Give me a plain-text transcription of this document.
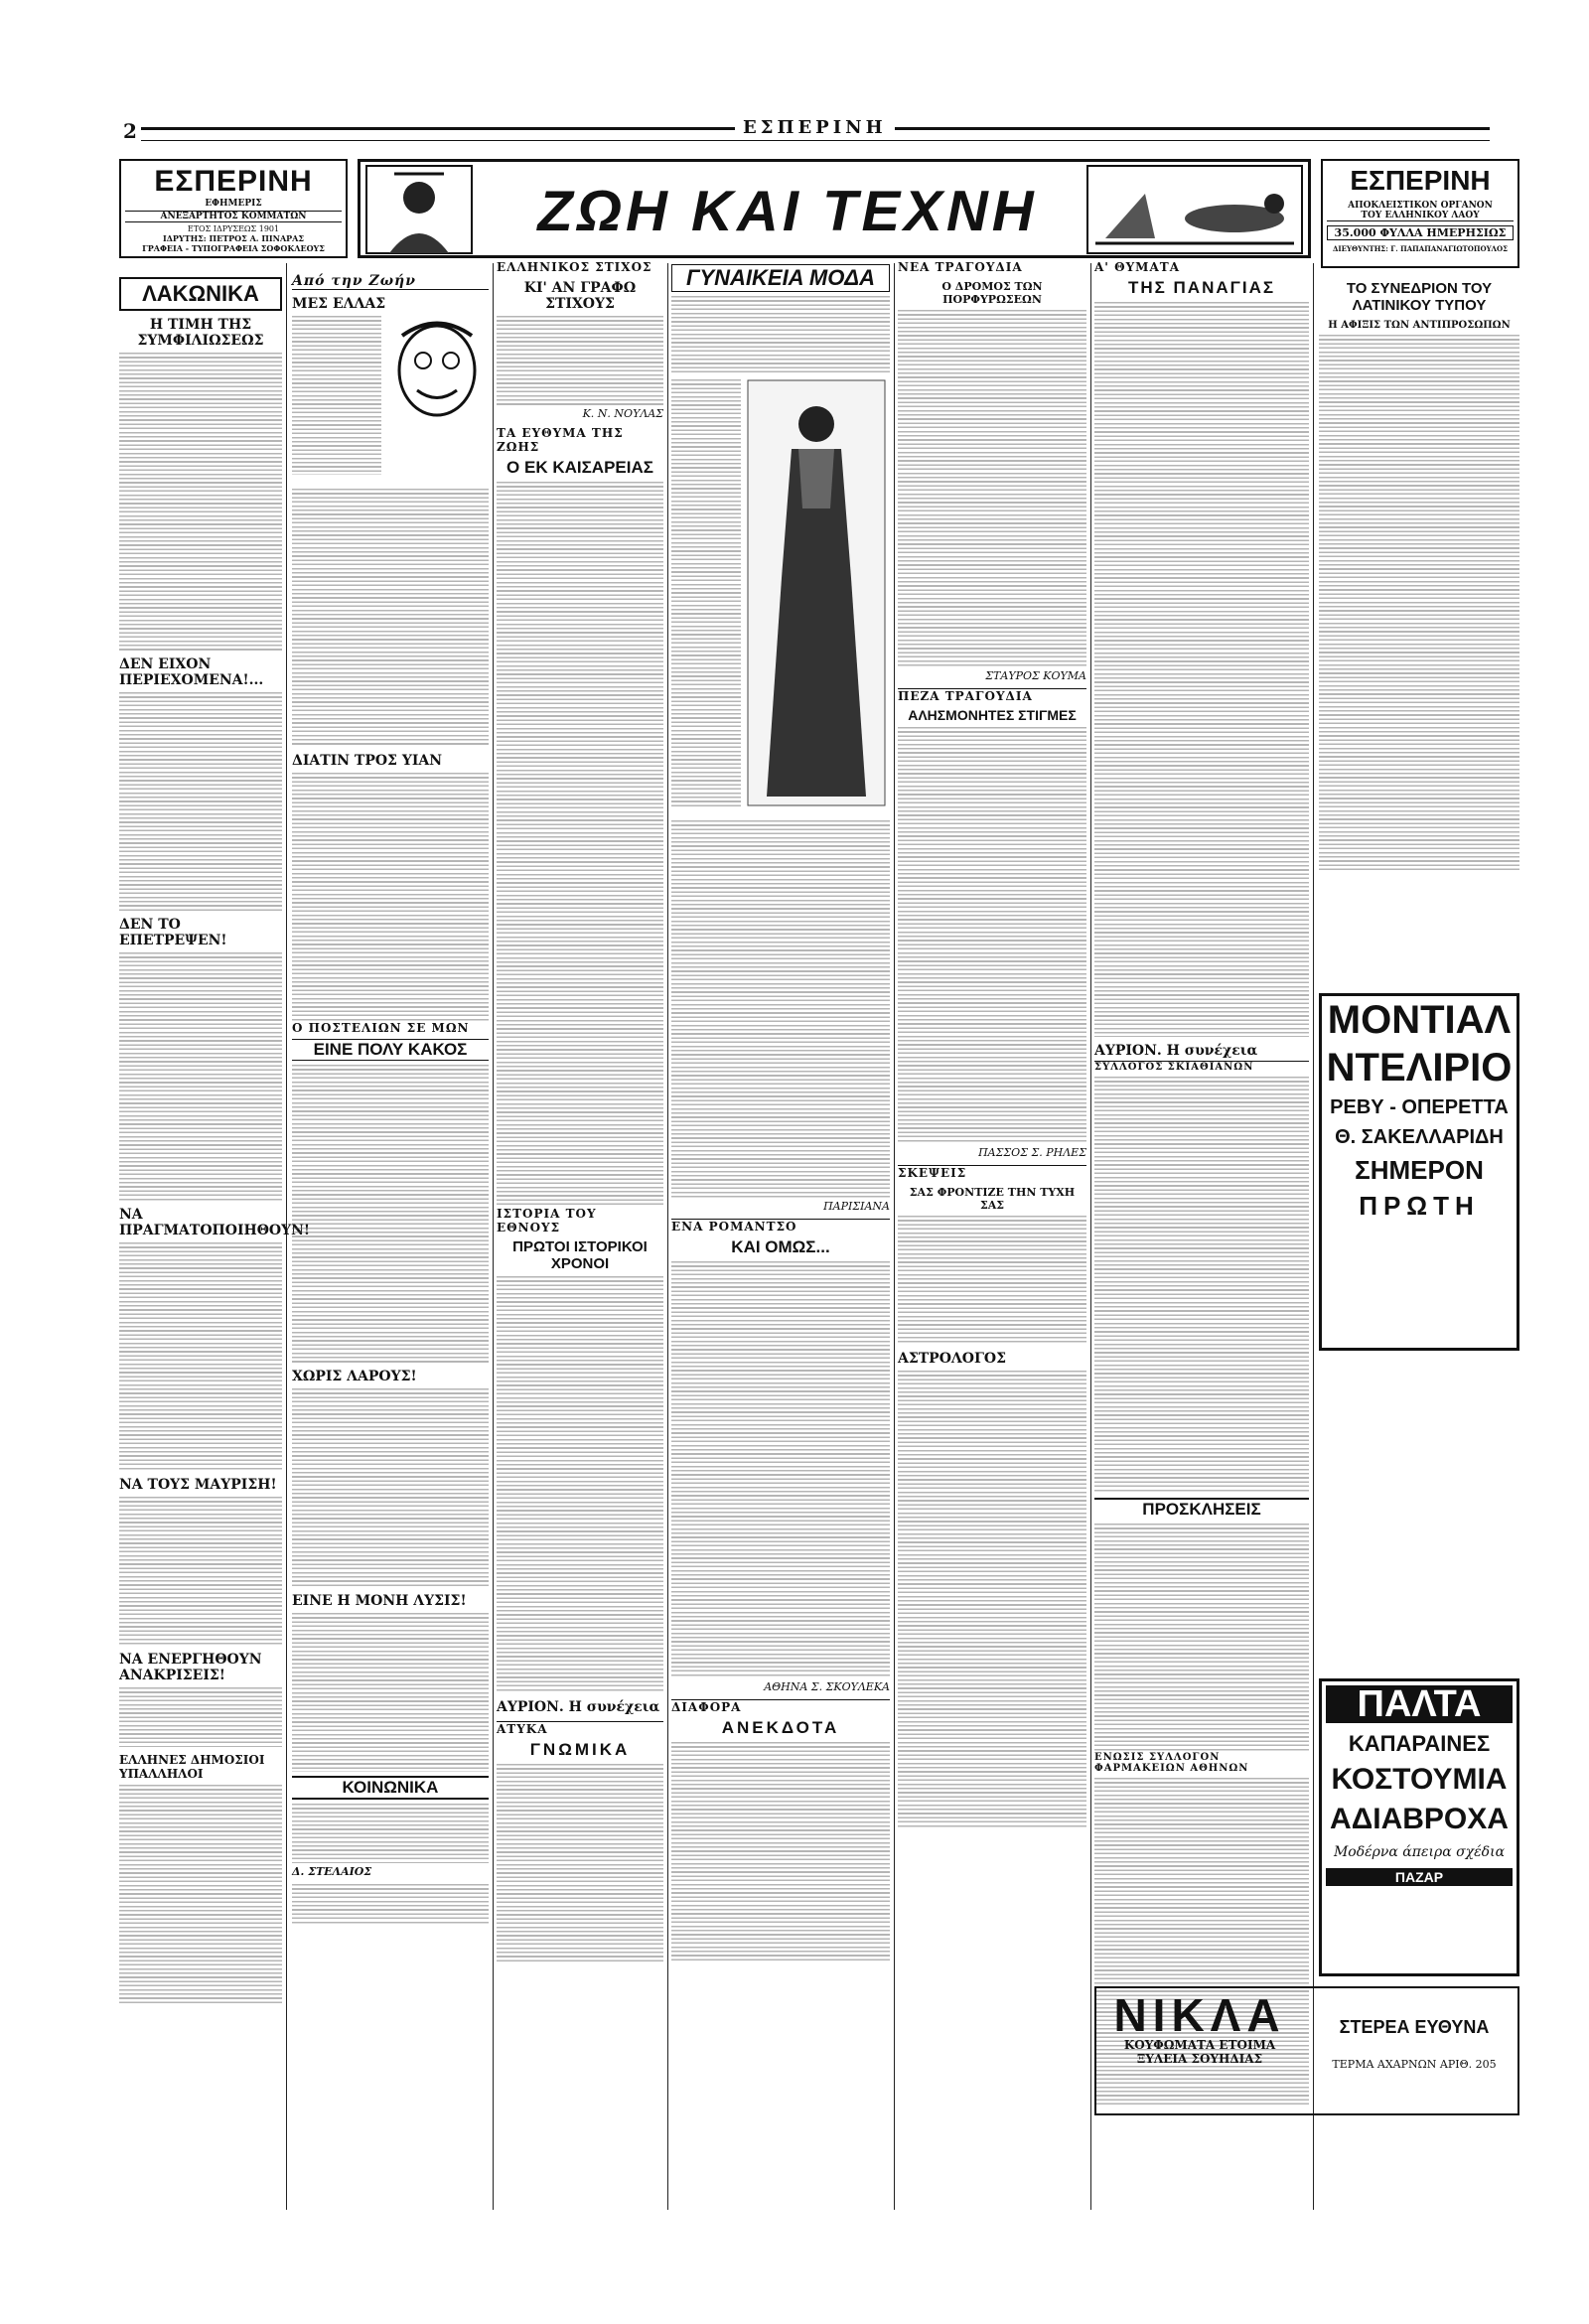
2	ΕΣΠΕΡΙΝΗ
ΕΣΠΕΡΙΝΗ
ΕΦΗΜΕΡΙΣ
ΑΝΕΞΑΡΤΗΤΟΣ ΚΟΜΜΑΤΩΝ
ΕΤΟΣ ΙΔΡΥΣΕΩΣ 1901
ΙΔΡΥΤΗΣ: ΠΕΤΡΟΣ Α. ΠΙΝΑΡΑΣ
ΓΡΑΦΕΙΑ - ΤΥΠΟΓΡΑΦΕΙΑ ΣΟΦΟΚΛΕΟΥΣ
ΖΩΗ ΚΑΙ ΤΕΧΝΗ	ΕΣΠΕΡΙΝΗ
ΑΠΟΚΛΕΙΣΤΙΚΟΝ ΟΡΓΑΝΟΝ
ΤΟΥ ΕΛΛΗΝΙΚΟΥ ΛΑΟΥ
35.000 ΦΥΛΛΑ ΗΜΕΡΗΣΙΩΣ
ΔΙΕΥΘΥΝΤΗΣ: Γ. ΠΑΠΑΠΑΝΑΓΙΩΤΟΠΟΥΛΟΣ
ΛΑΚΩΝΙΚΑ
Η ΤΙΜΗ ΤΗΣ ΣΥΜΦΙΛΙΩΣΕΩΣ
ΔΕΝ ΕΙΧΟΝ ΠΕΡΙΕΧΟΜΕΝΑ!...
ΔΕΝ ΤΟ ΕΠΕΤΡΕΨΕΝ!
ΝΑ ΠΡΑΓΜΑΤΟΠΟΙΗΘΟΥΝ!
ΝΑ ΤΟΥΣ ΜΑΥΡΙΣΗ!
ΝΑ ΕΝΕΡΓΗΘΟΥΝ ΑΝΑΚΡΙΣΕΙΣ!
ΕΛΛΗΝΕΣ ΔΗΜΟΣΙΟΙ ΥΠΑΛΛΗΛΟΙ
Από την Ζωήν
ΜΕΣ ΕΛΛΑΣ
ΔΙΑΤΙΝ ΤΡΟΣ ΥΙΑΝ
Ο ΠΟΣΤΕΛΙΩΝ ΣΕ ΜΩΝ
ΕΙΝΕ ΠΟΛΥ ΚΑΚΟΣ
ΧΩΡΙΣ ΛΑΡΟΥΣ!
ΕΙΝΕ Η ΜΟΝΗ ΛΥΣΙΣ!
ΚΟΙΝΩΝΙΚΑ
Δ. ΣΤΕΛΑΙΟΣ
ΕΛΛΗΝΙΚΟΣ ΣΤΙΧΟΣ
ΚΙ' ΑΝ ΓΡΑΦΩ ΣΤΙΧΟΥΣ
Κ. Ν. ΝΟΥΛΑΣ
ΤΑ ΕΥΘΥΜΑ ΤΗΣ ΖΩΗΣ
Ο ΕΚ ΚΑΙΣΑΡΕΙΑΣ
ΙΣΤΟΡΙΑ ΤΟΥ ΕΘΝΟΥΣ
ΠΡΩΤΟΙ ΙΣΤΟΡΙΚΟΙ ΧΡΟΝΟΙ
ΑΥΡΙΟΝ. Η συνέχεια
ΑΤΥΚΑ
ΓΝΩΜΙΚΑ
ΓΥΝΑΙΚΕΙΑ ΜΟΔΑ
ΠΑΡΙΣΙΑΝΑ
ΕΝΑ ΡΟΜΑΝΤΣΟ
ΚΑΙ ΟΜΩΣ...
ΑΘΗΝΑ Σ. ΣΚΟΥΛΕΚΑ
ΔΙΑΦΟΡΑ
ΑΝΕΚΔΟΤΑ
ΝΕΑ ΤΡΑΓΟΥΔΙΑ
Ο ΔΡΟΜΟΣ ΤΩΝ ΠΟΡΦΥΡΩΣΕΩΝ
ΣΤΑΥΡΟΣ ΚΟΥΜΑ
ΠΕΖΑ ΤΡΑΓΟΥΔΙΑ
ΑΛΗΣΜΟΝΗΤΕΣ ΣΤΙΓΜΕΣ
ΠΑΣΣΟΣ Σ. ΡΗΛΕΣ
ΣΚΕΨΕΙΣ
ΣΑΣ ΦΡΟΝΤΙΖΕ ΤΗΝ ΤΥΧΗ ΣΑΣ
ΑΣΤΡΟΛΟΓΟΣ
Α' ΘΥΜΑΤΑ
ΤΗΣ ΠΑΝΑΓΙΑΣ
ΑΥΡΙΟΝ. Η συνέχεια
ΣΥΛΛΟΓΟΣ ΣΚΙΑΘΙΑΝΩΝ
ΠΡΟΣΚΛΗΣΕΙΣ
ΕΝΩΣΙΣ ΣΥΛΛΟΓΟΝ ΦΑΡΜΑΚΕΙΩΝ ΑΘΗΝΩΝ
ΤΟ ΣΥΝΕΔΡΙΟΝ ΤΟΥ ΛΑΤΙΝΙΚΟΥ ΤΥΠΟΥ
Η ΑΦΙΞΙΣ ΤΩΝ ΑΝΤΙΠΡΟΣΩΠΩΝ
ΜΟΝΤΙΑΛ
ΝΤΕΛΙΡΙΟ
ΡΕΒΥ - ΟΠΕΡΕΤΤΑ
Θ. ΣΑΚΕΛΛΑΡΙΔΗ
ΣΗΜΕΡΟΝ
ΠΡΩΤΗ
ΠΑΛΤΑ
ΚΑΠΑΡΑΙΝΕΣ
ΚΟΣΤΟΥΜΙΑ
ΑΔΙΑΒΡΟΧΑ
Μοδέρνα άπειρα σχέδια
ΠΑΖΑΡ
ΝΙΚΛΑ
ΚΟΥΦΩΜΑΤΑ ΕΤΟΙΜΑ
ΞΥΛΕΙΑ ΣΟΥΗΔΙΑΣ
ΣΤΕΡΕΑ ΕΥΘΥΝΑ
ΤΕΡΜΑ ΑΧΑΡΝΩΝ ΑΡΙΘ. 205
